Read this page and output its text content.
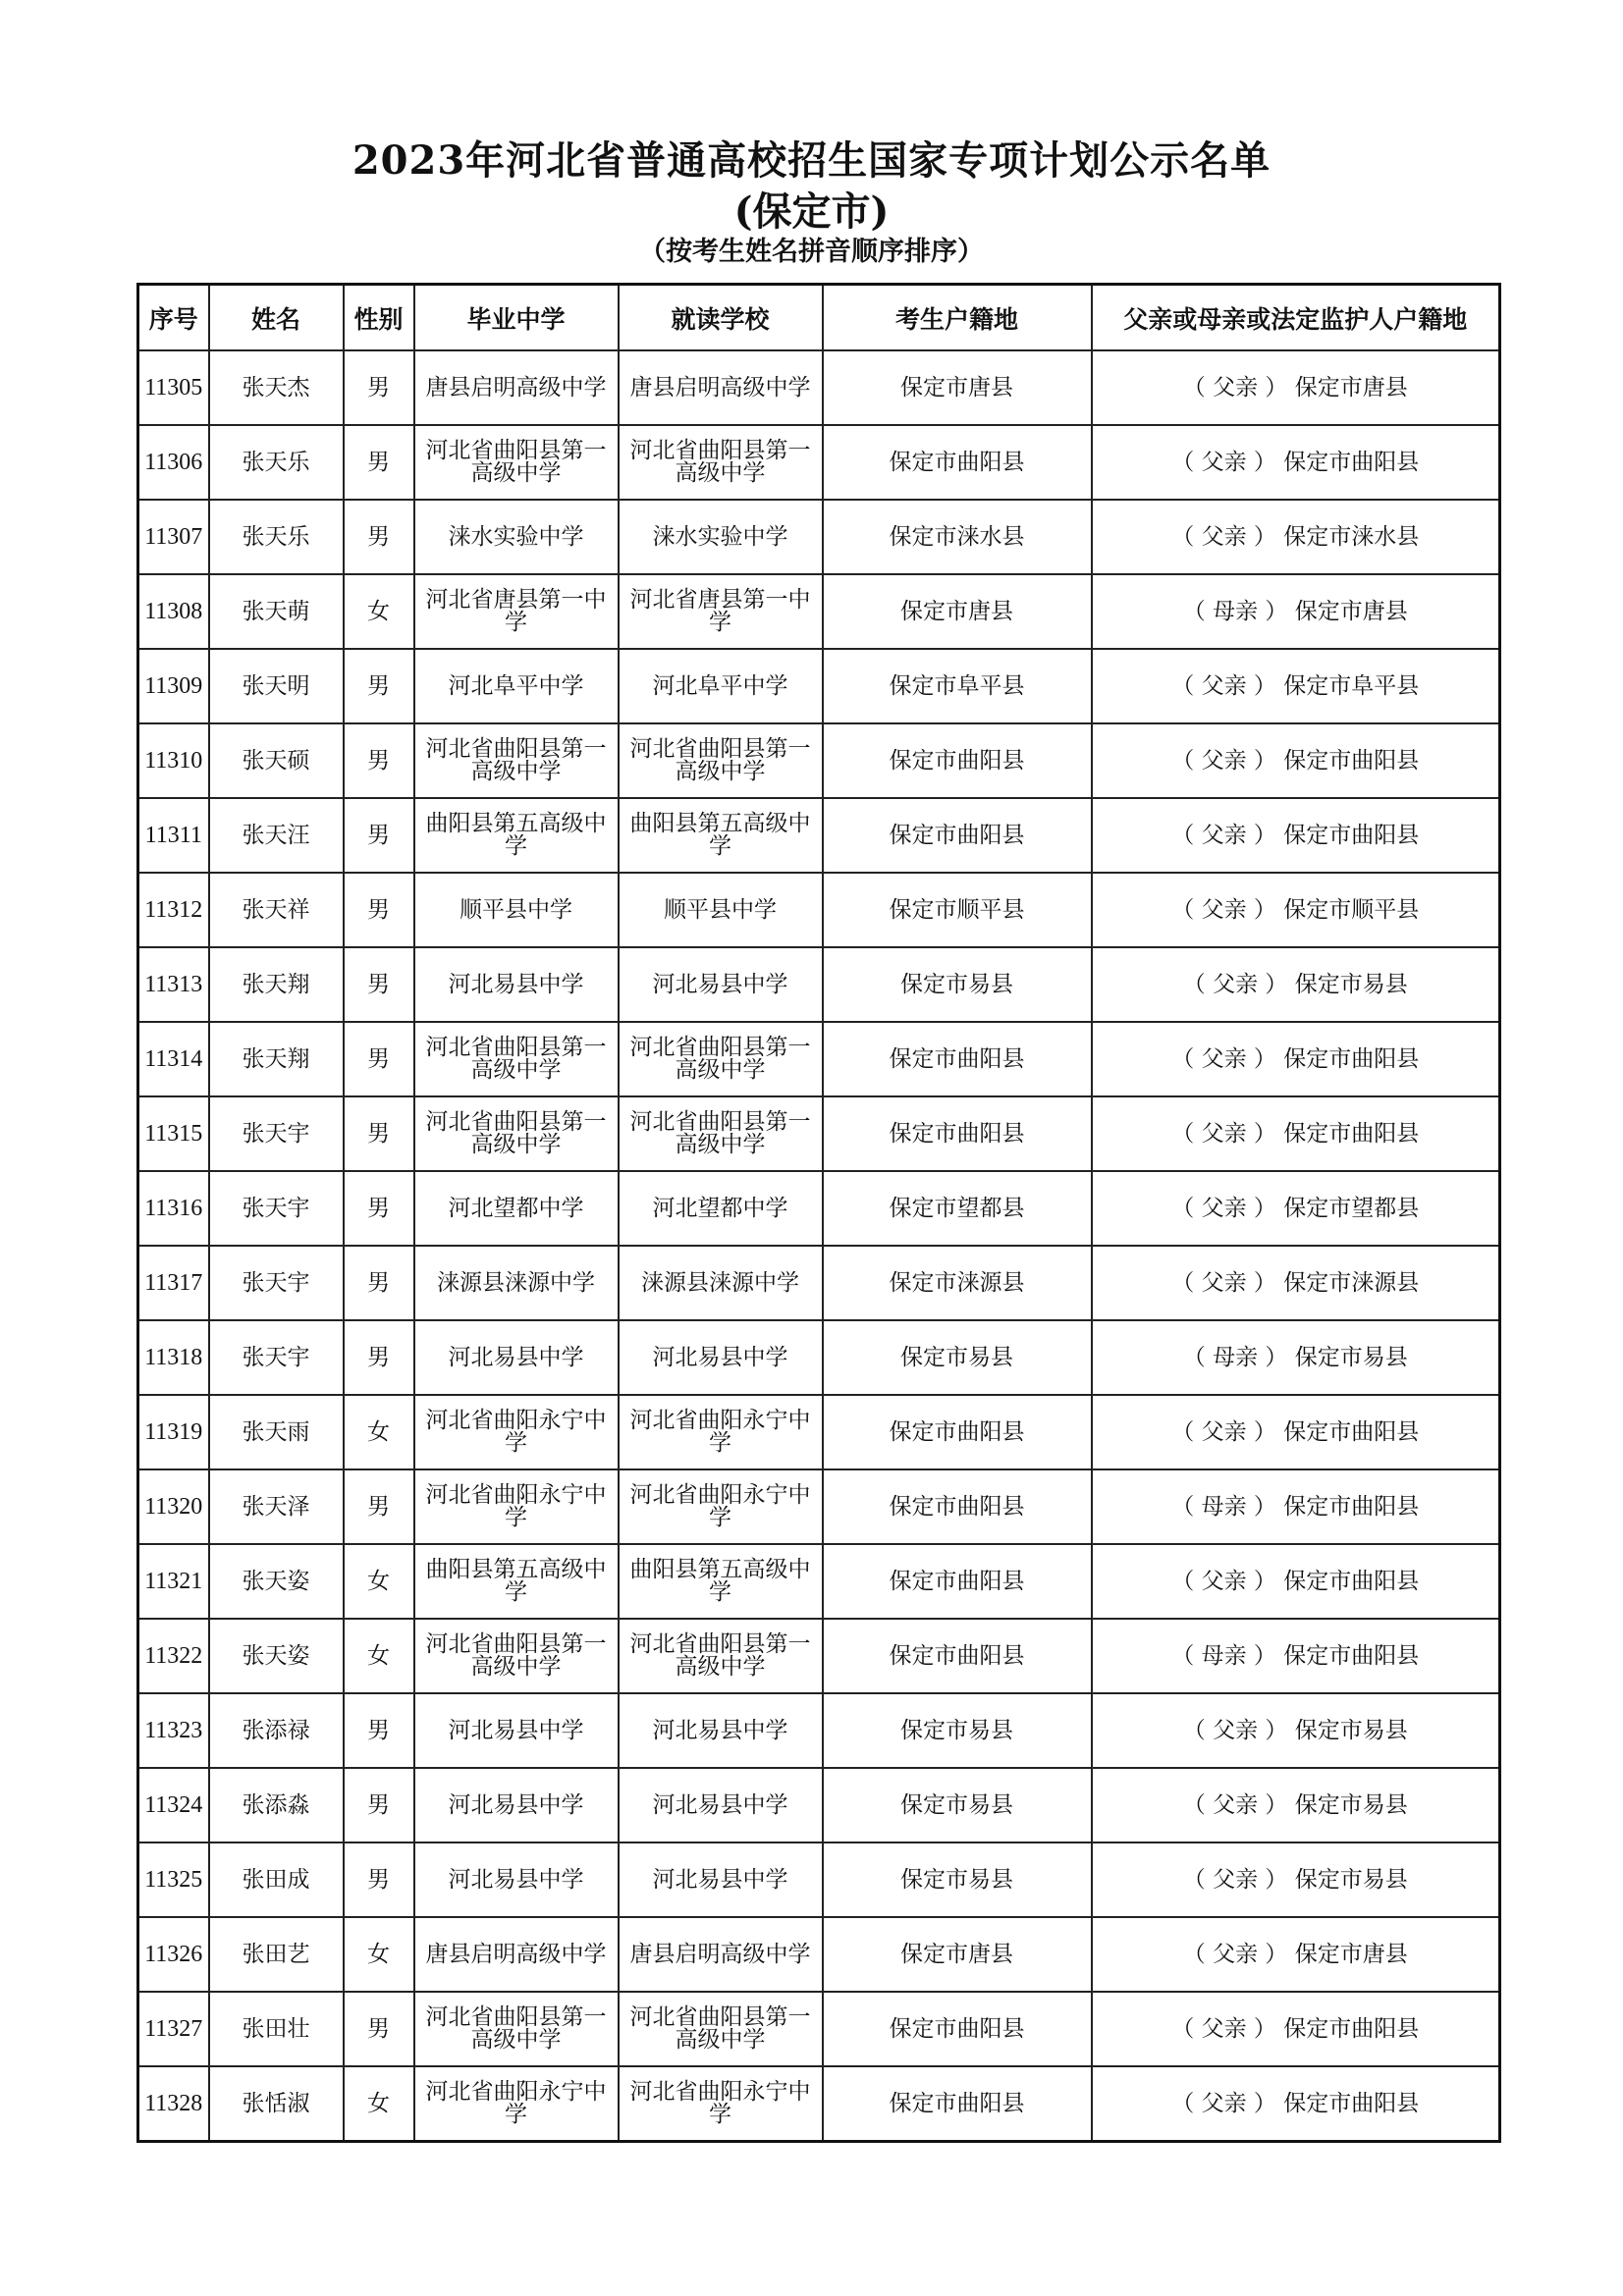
2023年河北省普通高校招生国家专项计划公示名单
(保定市)
（按考生姓名拼音顺序排序）
序号	姓名	性别	毕业中学	就读学校	考生户籍地	父亲或母亲或法定监护人户籍地
11305	张天杰	男	唐县启明高级中学	唐县启明高级中学	保定市唐县	（ 父亲 ） 保定市唐县
11306	张天乐	男	河北省曲阳县第一高级中学	河北省曲阳县第一高级中学	保定市曲阳县	（ 父亲 ） 保定市曲阳县
11307	张天乐	男	涞水实验中学	涞水实验中学	保定市涞水县	（ 父亲 ） 保定市涞水县
11308	张天萌	女	河北省唐县第一中学	河北省唐县第一中学	保定市唐县	（ 母亲 ） 保定市唐县
11309	张天明	男	河北阜平中学	河北阜平中学	保定市阜平县	（ 父亲 ） 保定市阜平县
11310	张天硕	男	河北省曲阳县第一高级中学	河北省曲阳县第一高级中学	保定市曲阳县	（ 父亲 ） 保定市曲阳县
11311	张天汪	男	曲阳县第五高级中学	曲阳县第五高级中学	保定市曲阳县	（ 父亲 ） 保定市曲阳县
11312	张天祥	男	顺平县中学	顺平县中学	保定市顺平县	（ 父亲 ） 保定市顺平县
11313	张天翔	男	河北易县中学	河北易县中学	保定市易县	（ 父亲 ） 保定市易县
11314	张天翔	男	河北省曲阳县第一高级中学	河北省曲阳县第一高级中学	保定市曲阳县	（ 父亲 ） 保定市曲阳县
11315	张天宇	男	河北省曲阳县第一高级中学	河北省曲阳县第一高级中学	保定市曲阳县	（ 父亲 ） 保定市曲阳县
11316	张天宇	男	河北望都中学	河北望都中学	保定市望都县	（ 父亲 ） 保定市望都县
11317	张天宇	男	涞源县涞源中学	涞源县涞源中学	保定市涞源县	（ 父亲 ） 保定市涞源县
11318	张天宇	男	河北易县中学	河北易县中学	保定市易县	（ 母亲 ） 保定市易县
11319	张天雨	女	河北省曲阳永宁中学	河北省曲阳永宁中学	保定市曲阳县	（ 父亲 ） 保定市曲阳县
11320	张天泽	男	河北省曲阳永宁中学	河北省曲阳永宁中学	保定市曲阳县	（ 母亲 ） 保定市曲阳县
11321	张天姿	女	曲阳县第五高级中学	曲阳县第五高级中学	保定市曲阳县	（ 父亲 ） 保定市曲阳县
11322	张天姿	女	河北省曲阳县第一高级中学	河北省曲阳县第一高级中学	保定市曲阳县	（ 母亲 ） 保定市曲阳县
11323	张添禄	男	河北易县中学	河北易县中学	保定市易县	（ 父亲 ） 保定市易县
11324	张添淼	男	河北易县中学	河北易县中学	保定市易县	（ 父亲 ） 保定市易县
11325	张田成	男	河北易县中学	河北易县中学	保定市易县	（ 父亲 ） 保定市易县
11326	张田艺	女	唐县启明高级中学	唐县启明高级中学	保定市唐县	（ 父亲 ） 保定市唐县
11327	张田壮	男	河北省曲阳县第一高级中学	河北省曲阳县第一高级中学	保定市曲阳县	（ 父亲 ） 保定市曲阳县
11328	张恬淑	女	河北省曲阳永宁中学	河北省曲阳永宁中学	保定市曲阳县	（ 父亲 ） 保定市曲阳县
